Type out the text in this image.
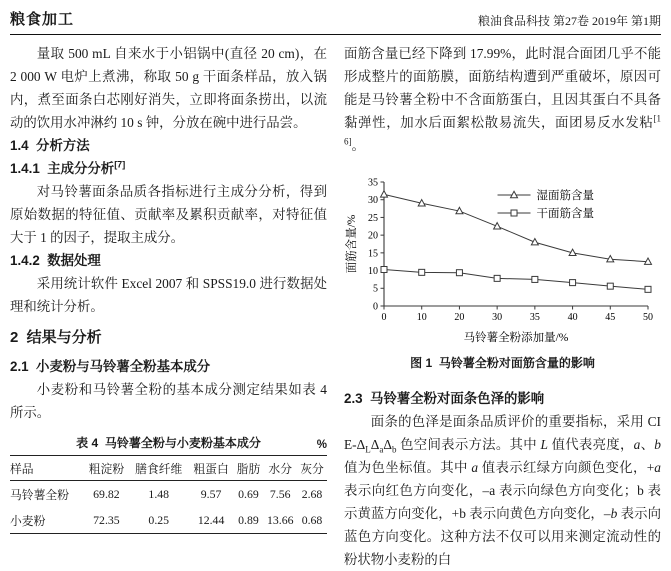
粮食加工	粮油食品科技 第27卷 2019年 第1期

量取 500 mL 自来水于小铝锅中(直径 20 cm)，在 2 000 W 电炉上煮沸，称取 50 g 干面条样品，放入锅内，煮至面条白芯刚好消失，立即将面条捞出，以流动的饮用水冲淋约 10 s 钟，分放在碗中进行品尝。

1.4  分析方法
1.4.1  主成分分析[7]

对马铃薯面条品质各指标进行主成分分析，得到原始数据的特征值、贡献率及累积贡献率，对特征值大于 1 的因子，提取主成分。

1.4.2  数据处理

采用统计软件 Excel 2007 和 SPSS19.0 进行数据处理和统计分析。

2  结果与分析
2.1  小麦粉与马铃薯全粉基本成分

小麦粉和马铃薯全粉的基本成分测定结果如表 4 所示。

表 4  马铃薯全粉与小麦粉基本成分	%
样品	粗淀粉	膳食纤维	粗蛋白	脂肪	水分	灰分
马铃薯全粉	69.82	1.48	9.57	0.69	7.56	2.68
小麦粉	72.35	0.25	12.44	0.89	13.66	0.68

面筋含量已经下降到 17.99%，此时混合面团几乎不能形成整片的面筋膜，面筋结构遭到严重破坏，原因可能是马铃薯全粉中不含面筋蛋白，且因其蛋白不具备黏弹性，加水后面絮松散易流失，面团易反水发粘[16]。

0
5
10
15
20
25
30
35
0	10	20	30	35	40	45	50
马铃薯全粉添加量/%
面筋含量/%
湿面筋含量
干面筋含量
图 1  马铃薯全粉对面筋含量的影响
2.3  马铃薯全粉对面条色泽的影响

面条的色泽是面条品质评价的重要指标，采用 CIE-$\Delta_L\Delta_a\Delta_b$ 色空间表示方法。其中 L 值代表亮度，a、b 值为色坐标值。其中 a 值表示红绿方向颜色变化，+a 表示向红色方向变化，–a 表示向绿色方向变化；b 表示黄蓝方向变化，+b 表示向黄色方向变化，–b 表示向蓝色方向变化。这种方法不仅可以用来测定流动性的粉状物小麦粉的白
